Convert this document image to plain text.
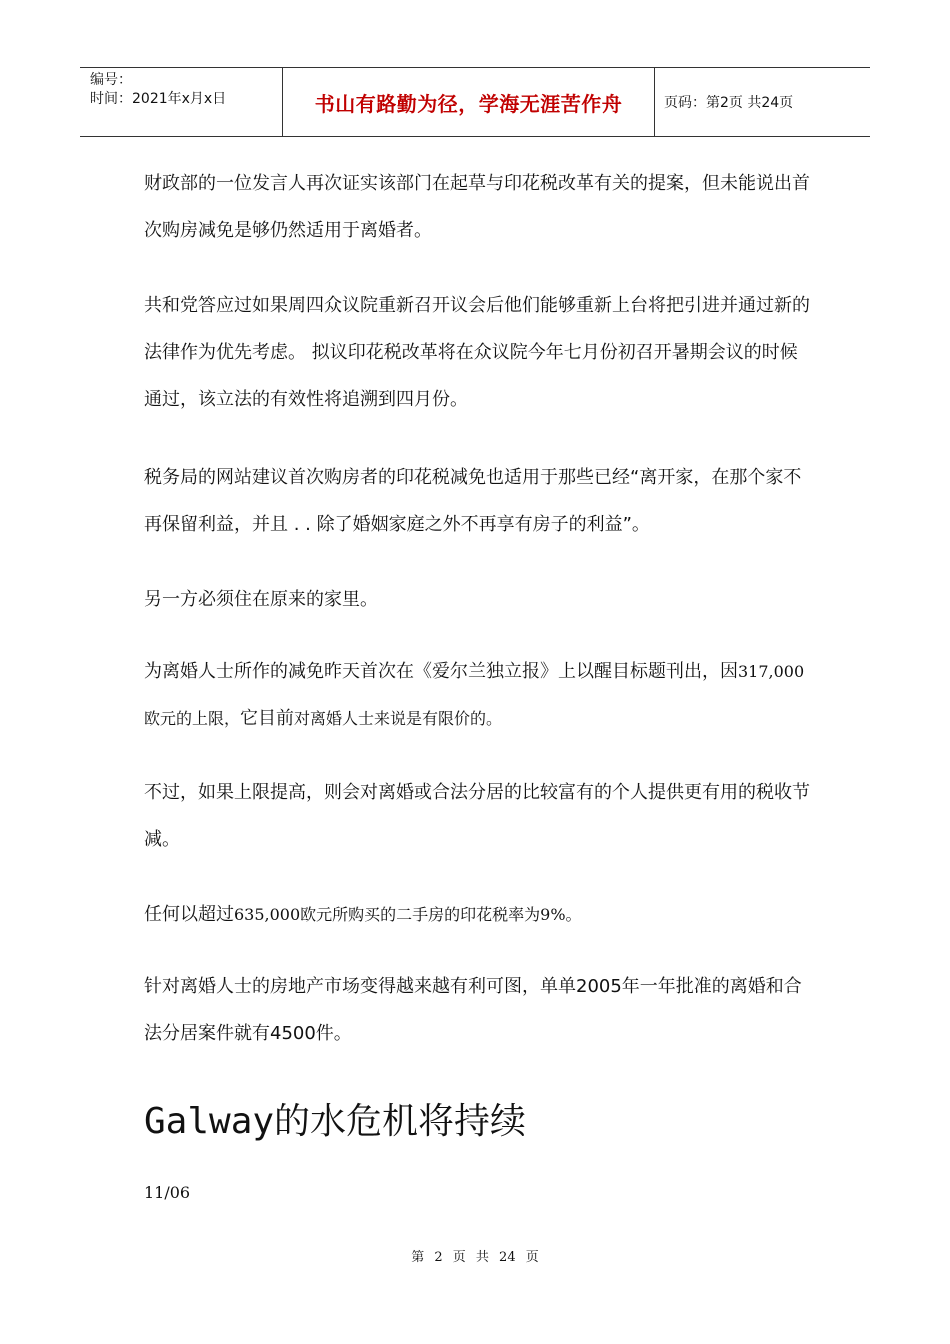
编号：
时间：2021年x月x日	书山有路勤为径，学海无涯苦作舟	页码：第2页 共24页

财政部的一位发言人再次证实该部门在起草与印花税改革有关的提案，但未能说出首次购房减免是够仍然适用于离婚者。

共和党答应过如果周四众议院重新召开议会后他们能够重新上台将把引进并通过新的法律作为优先考虑。 拟议印花税改革将在众议院今年七月份初召开暑期会议的时候通过，该立法的有效性将追溯到四月份。

税务局的网站建议首次购房者的印花税减免也适用于那些已经“离开家，在那个家不再保留利益，并且 . . 除了婚姻家庭之外不再享有房子的利益”。

另一方必须住在原来的家里。

为离婚人士所作的减免昨天首次在《爱尔兰独立报》上以醒目标题刊出，因317,000欧元的上限，它目前对离婚人士来说是有限价的。

不过，如果上限提高，则会对离婚或合法分居的比较富有的个人提供更有用的税收节减。

任何以超过635,000欧元所购买的二手房的印花税率为9%。

针对离婚人士的房地产市场变得越来越有利可图，单单2005年一年批准的离婚和合法分居案件就有4500件。

Galway的水危机将持续

11/06

第 2 页 共 24 页
